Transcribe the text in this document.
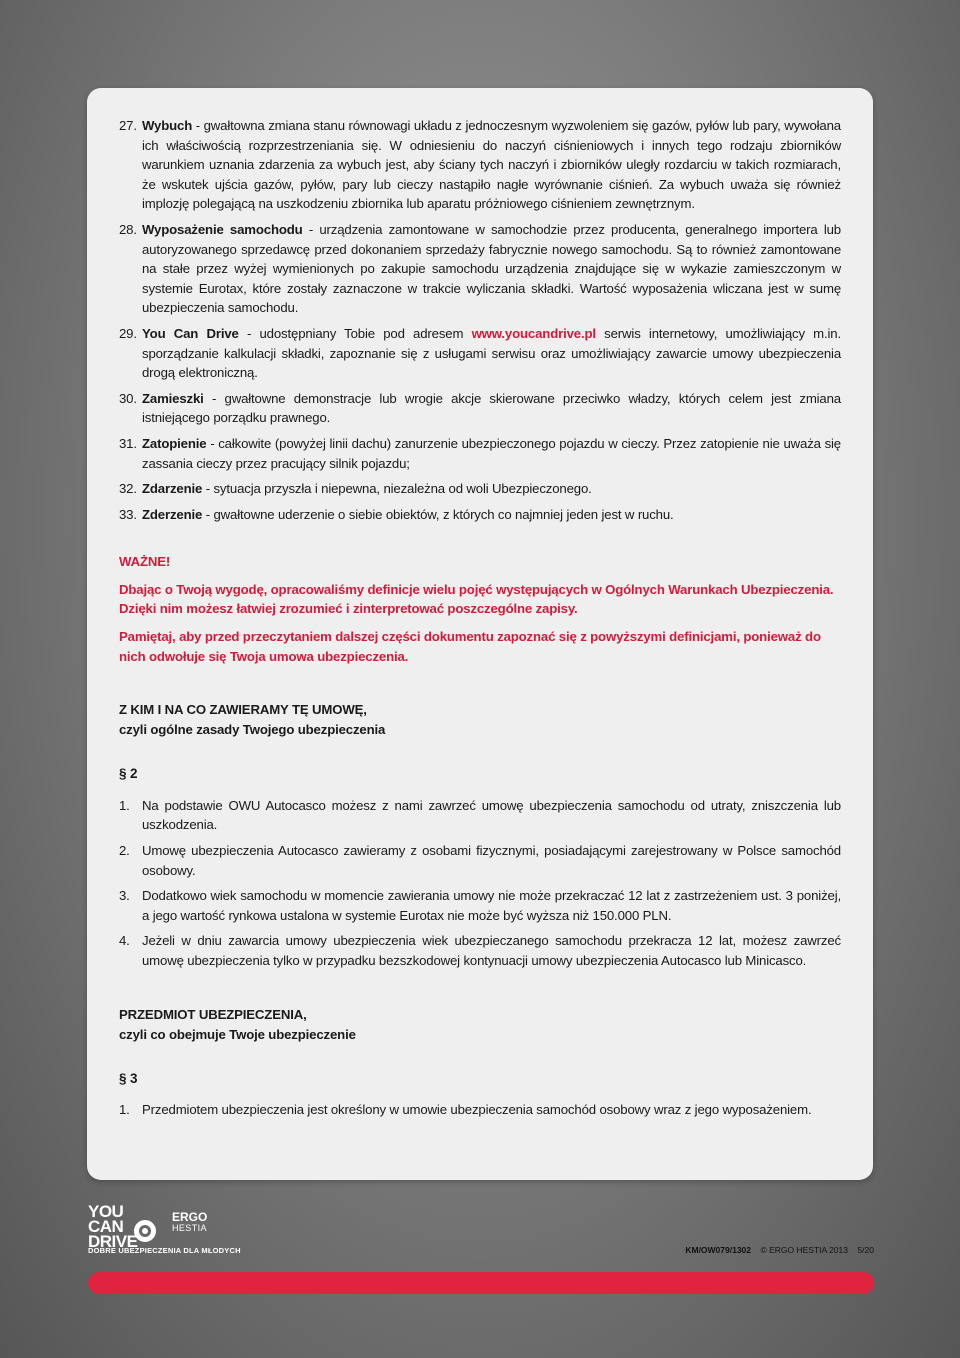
27. Wybuch - gwałtowna zmiana stanu równowagi układu z jednoczesnym wyzwoleniem się gazów, pyłów lub pary, wywołana ich właściwością rozprzestrzeniania się. W odniesieniu do naczyń ciśnieniowych i innych tego rodzaju zbiorników warunkiem uznania zdarzenia za wybuch jest, aby ściany tych naczyń i zbiorników uległy rozdarciu w takich rozmiarach, że wskutek ujścia gazów, pyłów, pary lub cieczy nastąpiło nagłe wyrównanie ciśnień. Za wybuch uważa się również implozję polegającą na uszkodzeniu zbiornika lub aparatu próżniowego ciśnieniem zewnętrznym.
28. Wyposażenie samochodu - urządzenia zamontowane w samochodzie przez producenta, generalnego importera lub autoryzowanego sprzedawcę przed dokonaniem sprzedaży fabrycznie nowego samochodu. Są to również zamontowane na stałe przez wyżej wymienionych po zakupie samochodu urządzenia znajdujące się w wykazie zamieszczonym w systemie Eurotax, które zostały zaznaczone w trakcie wyliczania składki. Wartość wyposażenia wliczana jest w sumę ubezpieczenia samochodu.
29. You Can Drive - udostępniany Tobie pod adresem www.youcandrive.pl serwis internetowy, umożliwiający m.in. sporządzanie kalkulacji składki, zapoznanie się z usługami serwisu oraz umożliwiający zawarcie umowy ubezpieczenia drogą elektroniczną.
30. Zamieszki - gwałtowne demonstracje lub wrogie akcje skierowane przeciwko władzy, których celem jest zmiana istniejącego porządku prawnego.
31. Zatopienie - całkowite (powyżej linii dachu) zanurzenie ubezpieczonego pojazdu w cieczy. Przez zatopienie nie uważa się zassania cieczy przez pracujący silnik pojazdu;
32. Zdarzenie - sytuacja przyszła i niepewna, niezależna od woli Ubezpieczonego.
33. Zderzenie - gwałtowne uderzenie o siebie obiektów, z których co najmniej jeden jest w ruchu.
WAŻNE!
Dbając o Twoją wygodę, opracowaliśmy definicje wielu pojęć występujących w Ogólnych Warunkach Ubezpieczenia. Dzięki nim możesz łatwiej zrozumieć i zinterpretować poszczególne zapisy.
Pamiętaj, aby przed przeczytaniem dalszej części dokumentu zapoznać się z powyższymi definicjami, ponieważ do nich odwołuje się Twoja umowa ubezpieczenia.
Z KIM I NA CO ZAWIERAMY TĘ UMOWĘ,
czyli ogólne zasady Twojego ubezpieczenia
§ 2
1. Na podstawie OWU Autocasco możesz z nami zawrzeć umowę ubezpieczenia samochodu od utraty, zniszczenia lub uszkodzenia.
2. Umowę ubezpieczenia Autocasco zawieramy z osobami fizycznymi, posiadającymi zarejestrowany w Polsce samochód osobowy.
3. Dodatkowo wiek samochodu w momencie zawierania umowy nie może przekraczać 12 lat z zastrzeżeniem ust. 3 poniżej, a jego wartość rynkowa ustalona w systemie Eurotax nie może być wyższa niż 150.000 PLN.
4. Jeżeli w dniu zawarcia umowy ubezpieczenia wiek ubezpieczanego samochodu przekracza 12 lat, możesz zawrzeć umowę ubezpieczenia tylko w przypadku bezszkodowej kontynuacji umowy ubezpieczenia Autocasco lub Minicasco.
PRZEDMIOT UBEZPIECZENIA,
czyli co obejmuje Twoje ubezpieczenie
§ 3
1. Przedmiotem ubezpieczenia jest określony w umowie ubezpieczenia samochód osobowy wraz z jego wyposażeniem.
YOU
CAN
DRIVE
ERGO
HESTIA
DOBRE UBEZPIECZENIA DLA MŁODYCH	KM/OW079/1302 © ERGO HESTIA 2013 5/20
